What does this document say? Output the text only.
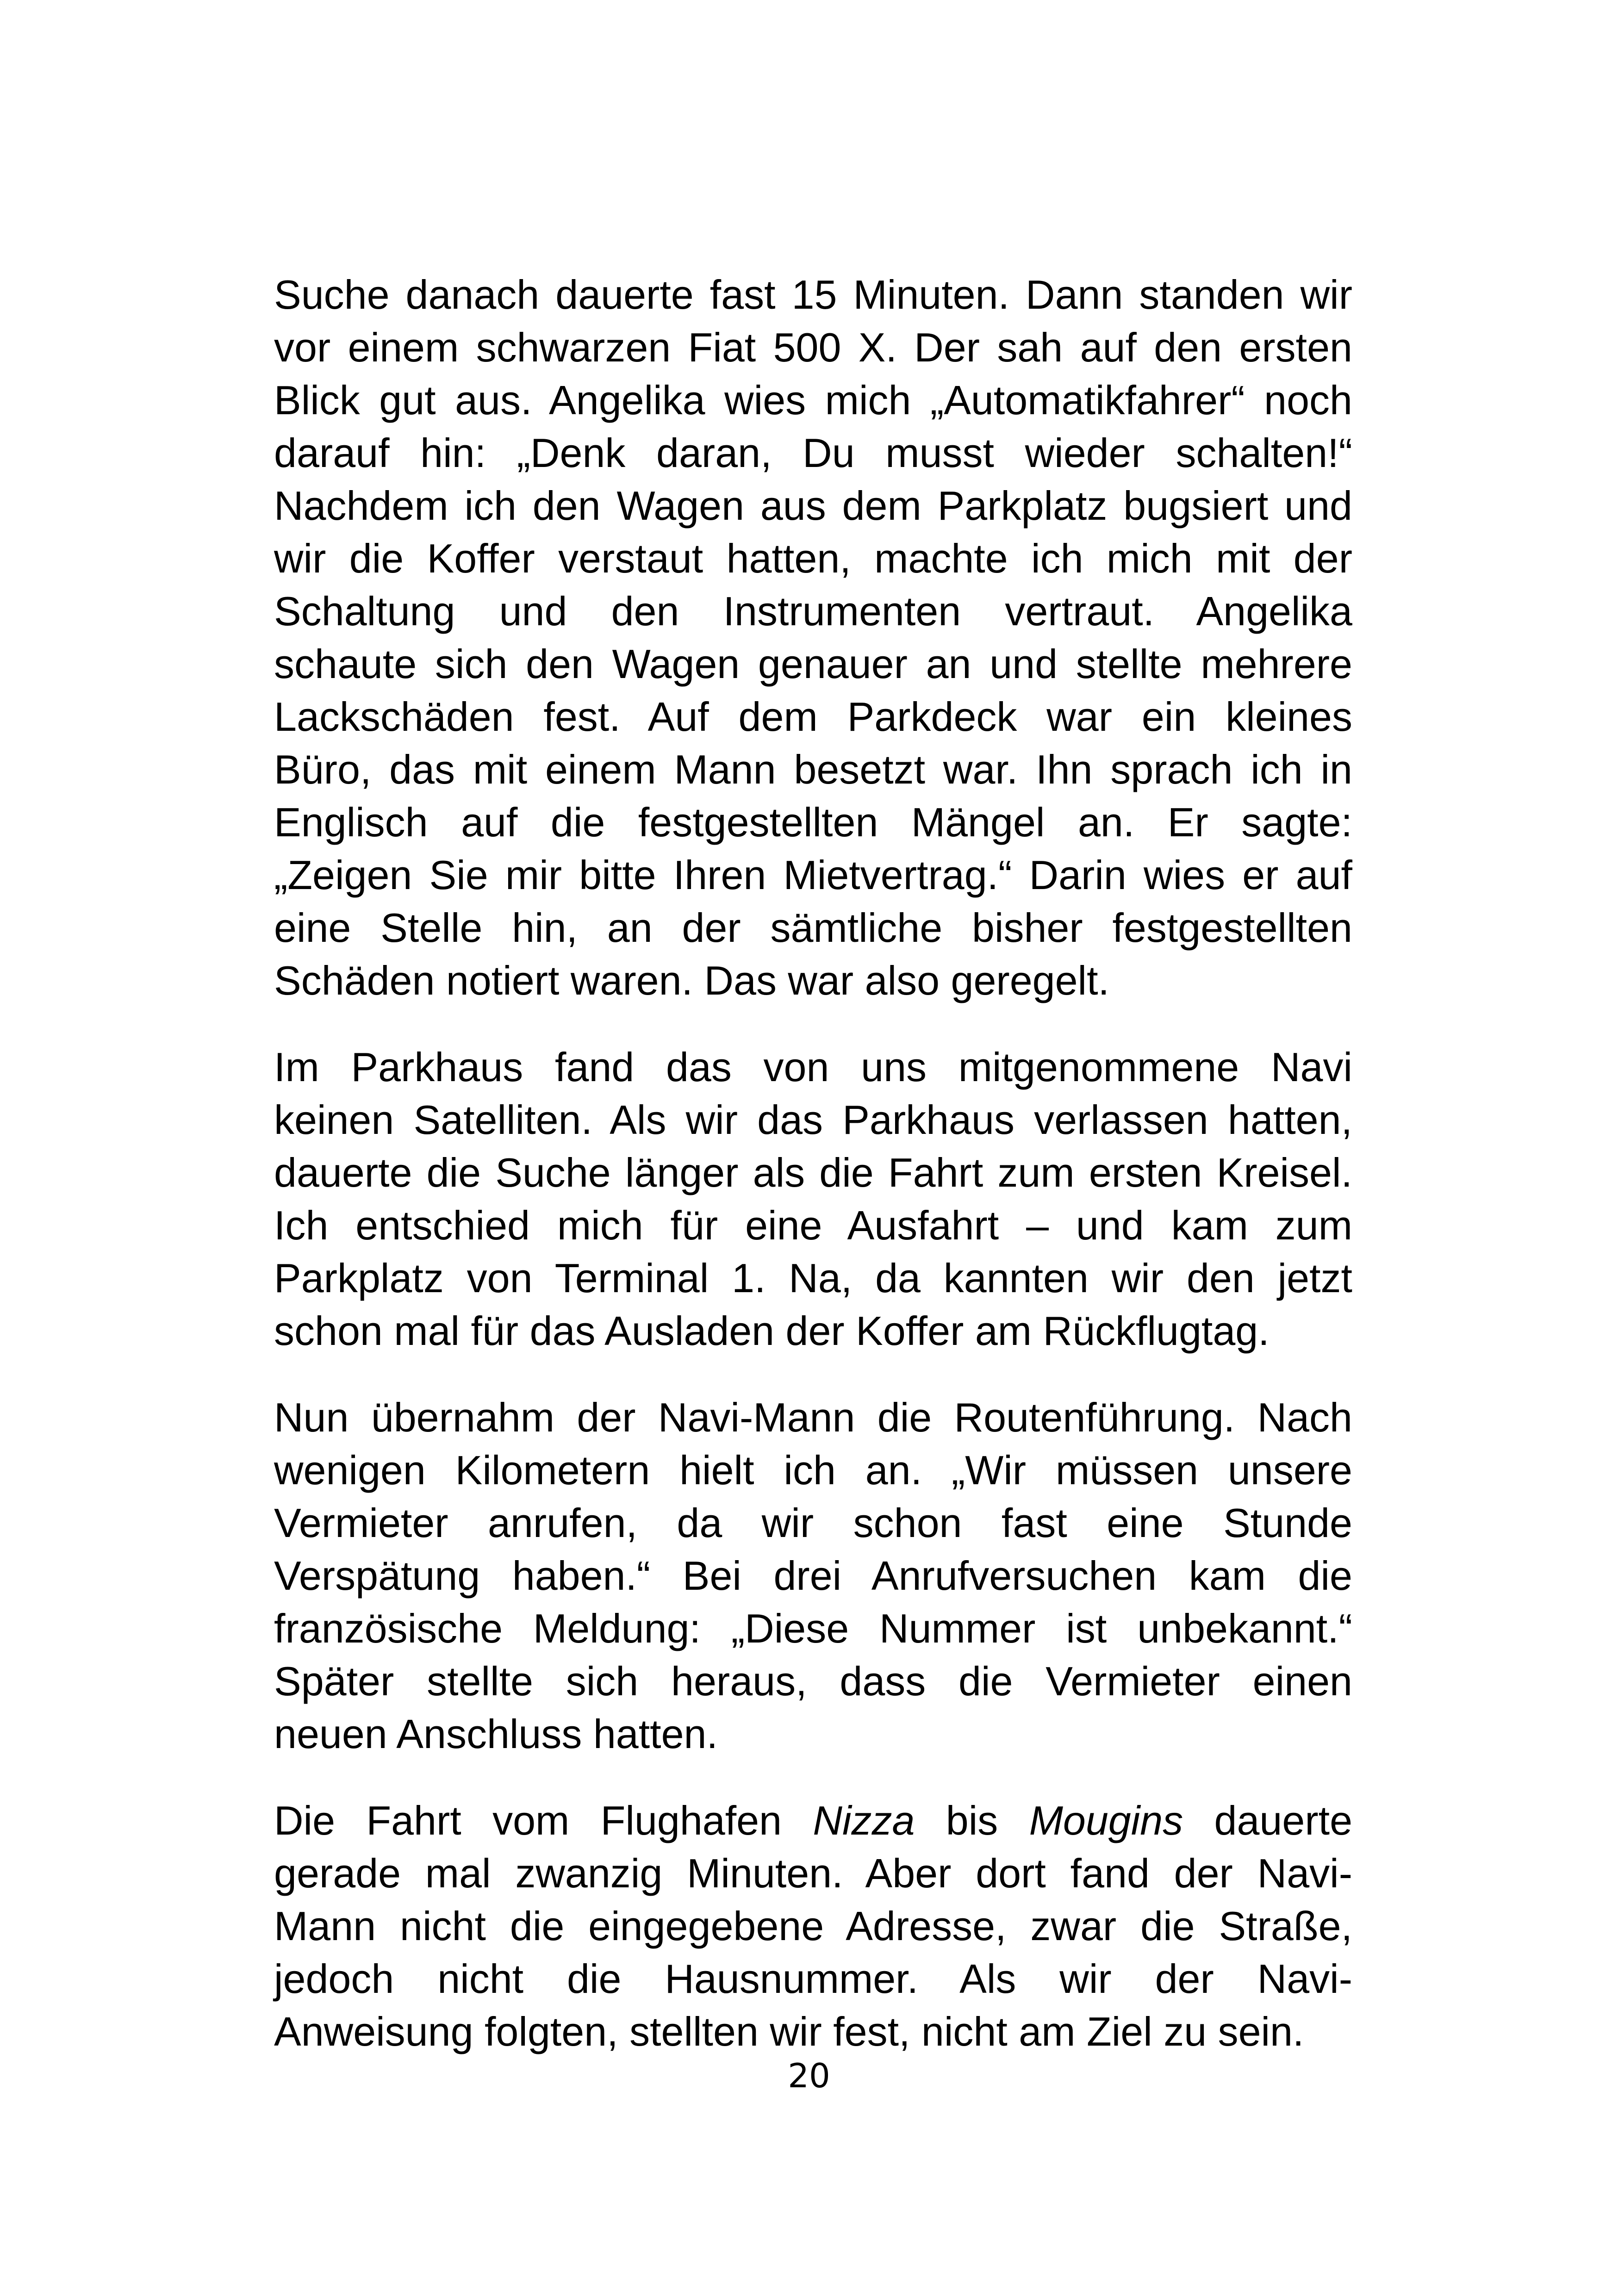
Suche danach dauerte fast 15 Minuten. Dann standen wir
vor einem schwarzen Fiat 500 X. Der sah auf den ersten
Blick gut aus. Angelika wies mich „Automatikfahrer“ noch
darauf hin: „Denk daran, Du musst wieder schalten!“
Nachdem ich den Wagen aus dem Parkplatz bugsiert und
wir die Koffer verstaut hatten, machte ich mich mit der
Schaltung und den Instrumenten vertraut. Angelika
schaute sich den Wagen genauer an und stellte mehrere
Lackschäden fest. Auf dem Parkdeck war ein kleines
Büro, das mit einem Mann besetzt war. Ihn sprach ich in
Englisch auf die festgestellten Mängel an. Er sagte:
„Zeigen Sie mir bitte Ihren Mietvertrag.“ Darin wies er auf
eine Stelle hin, an der sämtliche bisher festgestellten
Schäden notiert waren. Das war also geregelt.
Im Parkhaus fand das von uns mitgenommene Navi
keinen Satelliten. Als wir das Parkhaus verlassen hatten,
dauerte die Suche länger als die Fahrt zum ersten Kreisel.
Ich entschied mich für eine Ausfahrt – und kam zum
Parkplatz von Terminal 1. Na, da kannten wir den jetzt
schon mal für das Ausladen der Koffer am Rückflugtag.
Nun übernahm der Navi-Mann die Routenführung. Nach
wenigen Kilometern hielt ich an. „Wir müssen unsere
Vermieter anrufen, da wir schon fast eine Stunde
Verspätung haben.“ Bei drei Anrufversuchen kam die
französische Meldung: „Diese Nummer ist unbekannt.“
Später stellte sich heraus, dass die Vermieter einen
neuen Anschluss hatten.
Die Fahrt vom Flughafen Nizza bis Mougins dauerte
gerade mal zwanzig Minuten. Aber dort fand der Navi-
Mann nicht die eingegebene Adresse, zwar die Straße,
jedoch nicht die Hausnummer. Als wir der Navi-
Anweisung folgten, stellten wir fest, nicht am Ziel zu sein.
20
